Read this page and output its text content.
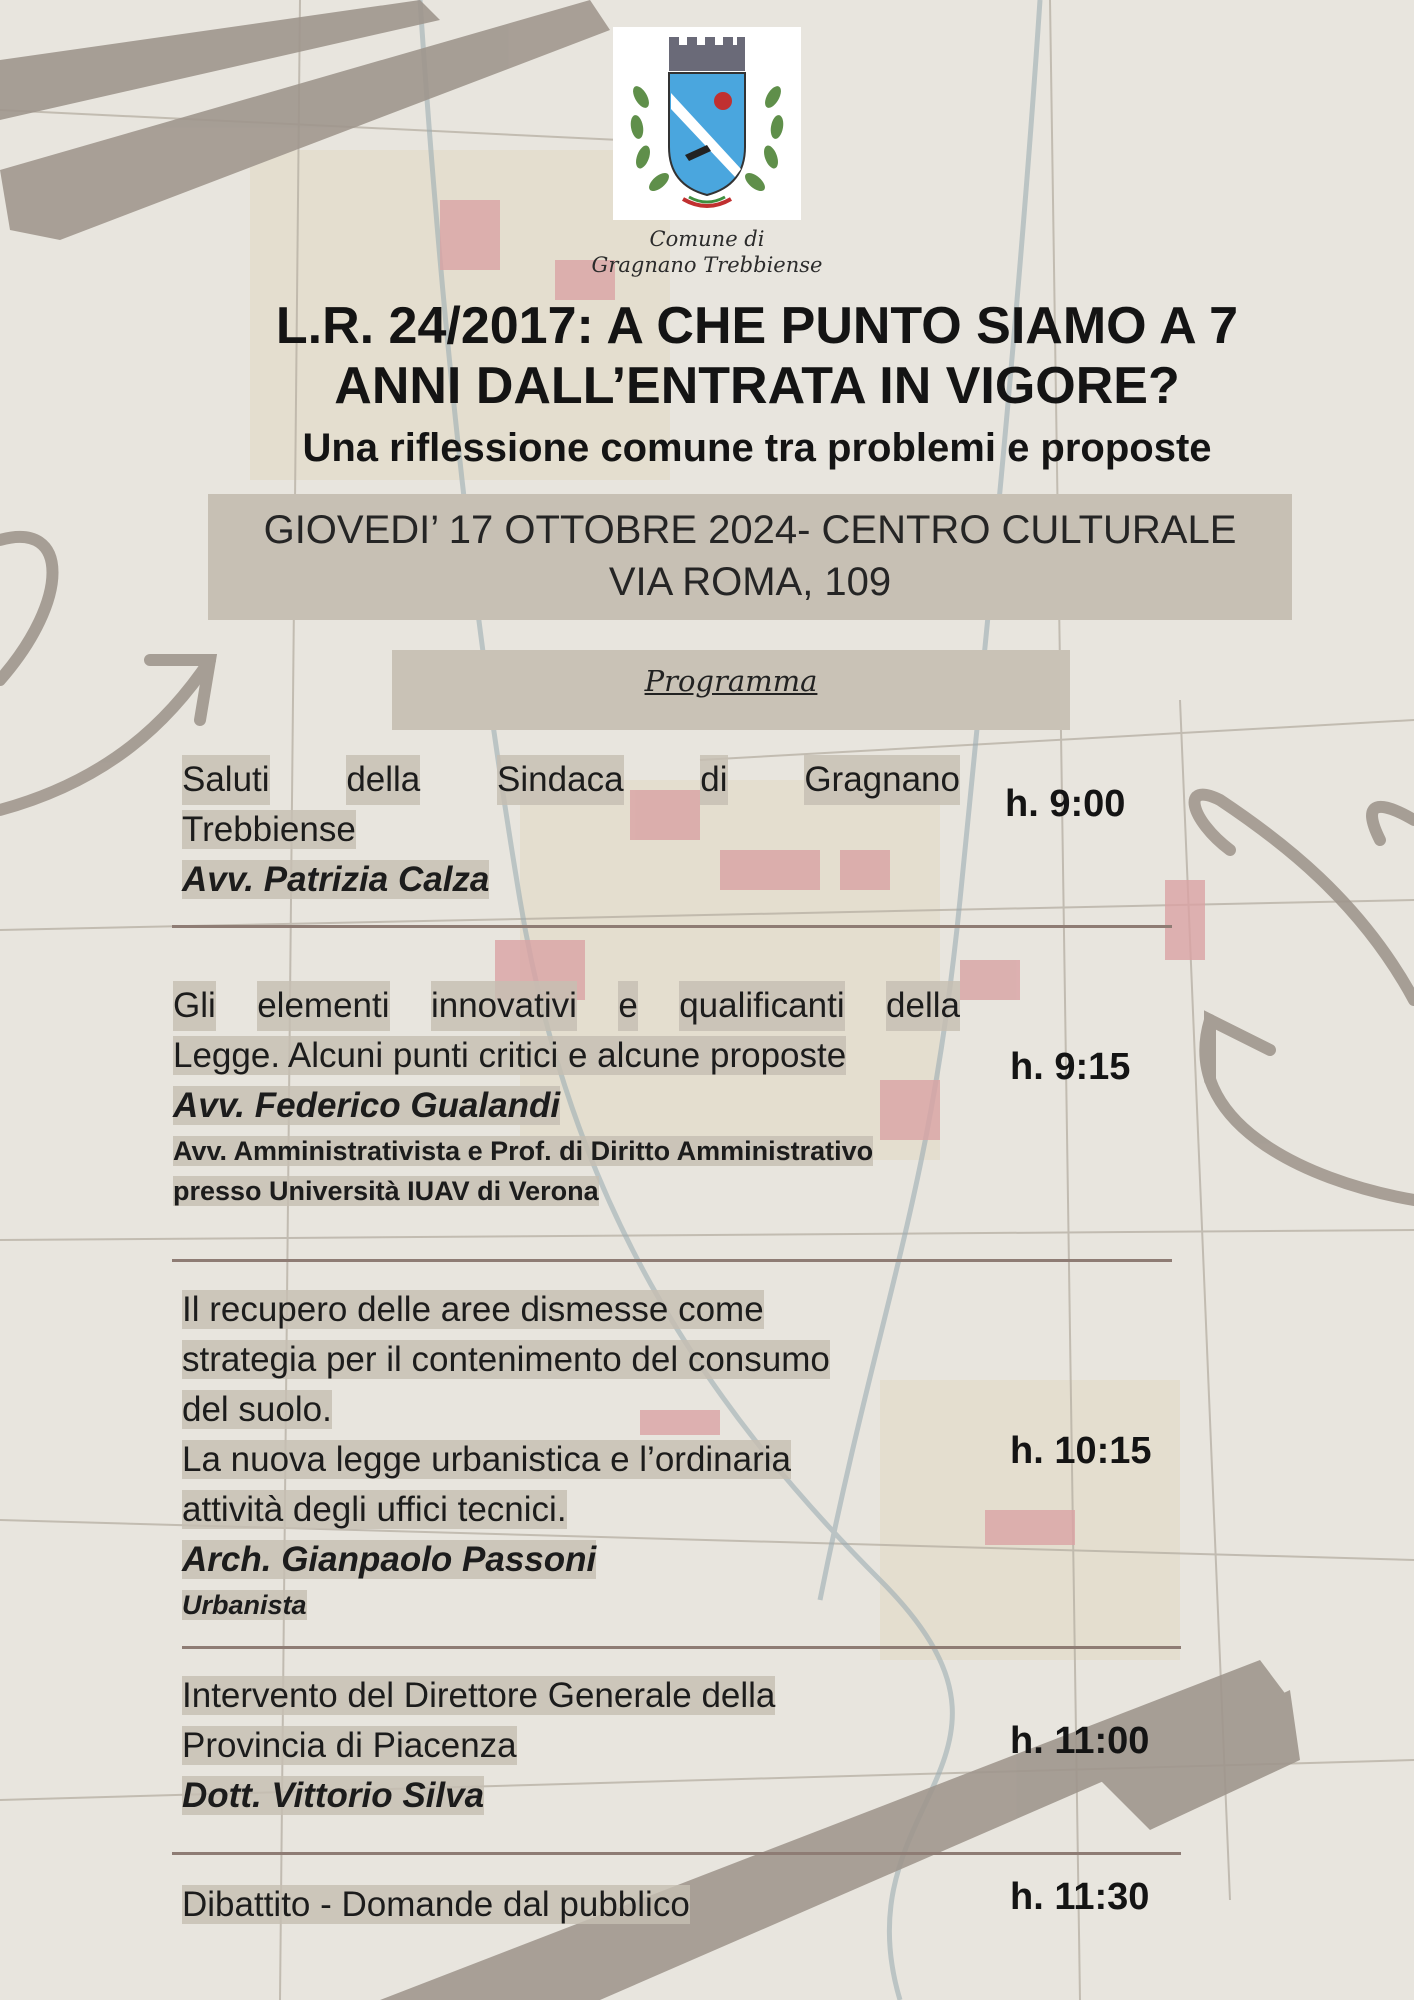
Comune di
Gragnano Trebbiense
L.R. 24/2017: A CHE PUNTO SIAMO A 7
ANNI DALL’ENTRATA IN VIGORE?
Una riflessione comune tra problemi e proposte
GIOVEDI’ 17 OTTOBRE 2024- CENTRO CULTURALE
VIA ROMA, 109
Programma
Saluti della Sindaca di Gragnano
Trebbiense
Avv. Patrizia Calza
h. 9:00
Gli elementi innovativi e qualificanti della
Legge. Alcuni punti critici e alcune proposte
Avv. Federico Gualandi
Avv. Amministrativista e Prof. di Diritto Amministrativo
presso Università IUAV di Verona
h. 9:15
Il recupero delle aree dismesse come
strategia per il contenimento del consumo
del suolo.
La nuova legge urbanistica e l’ordinaria
attività degli uffici tecnici.
Arch. Gianpaolo Passoni
Urbanista
h. 10:15
Intervento del Direttore Generale della
Provincia di Piacenza
Dott. Vittorio Silva
h. 11:00
Dibattito - Domande dal pubblico	h. 11:30
